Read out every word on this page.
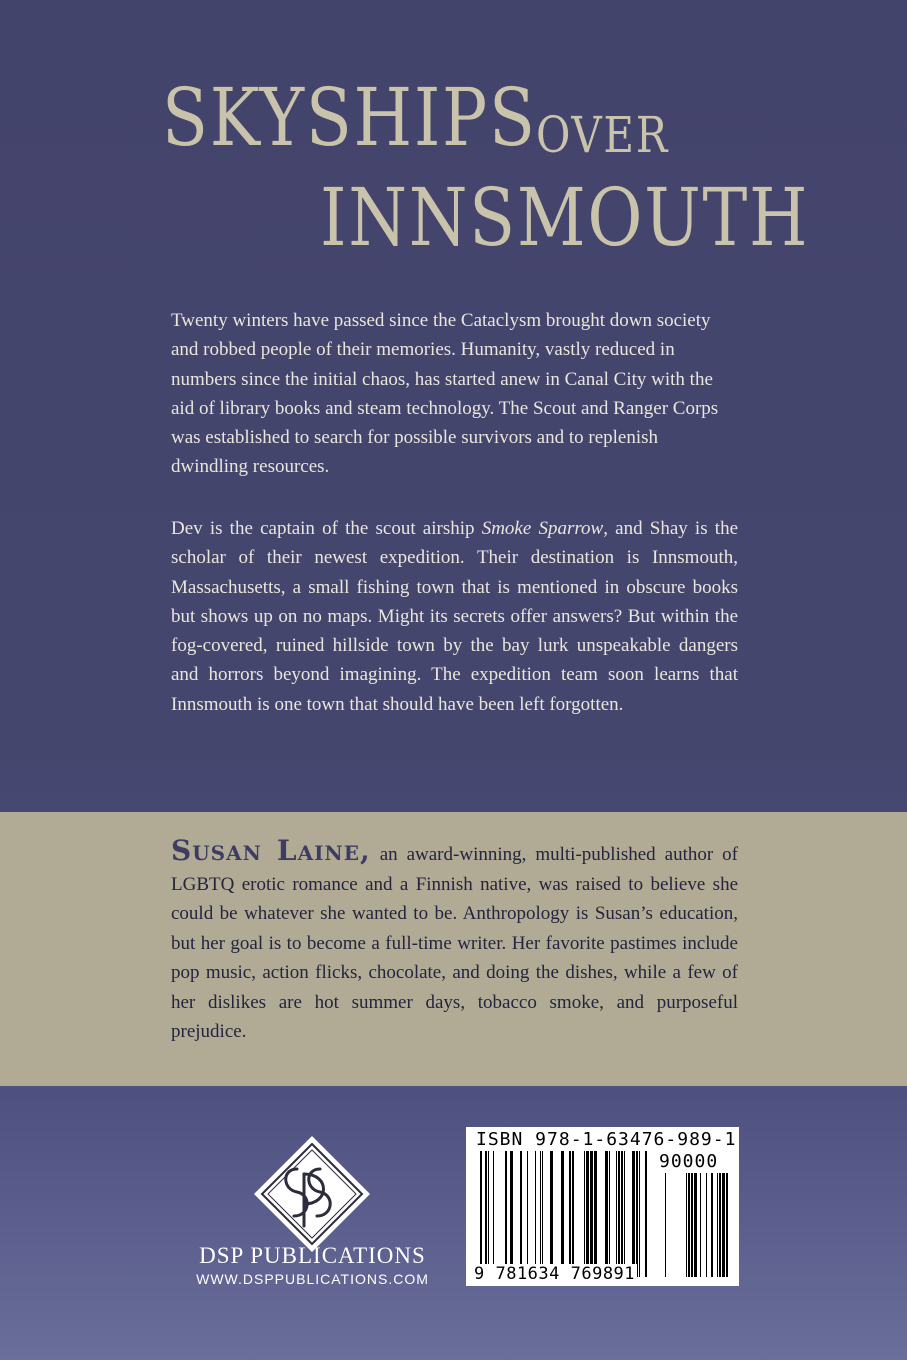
SKYSHIPS OVER
INNSMOUTH

Twenty winters have passed since the Cataclysm brought down society and robbed people of their memories. Humanity, vastly reduced in numbers since the initial chaos, has started anew in Canal City with the aid of library books and steam technology. The Scout and Ranger Corps was established to search for possible survivors and to replenish dwindling resources.

Dev is the captain of the scout airship Smoke Sparrow, and Shay is the scholar of their newest expedition. Their destination is Innsmouth, Massachusetts, a small fishing town that is mentioned in obscure books but shows up on no maps. Might its secrets offer answers? But within the fog-covered, ruined hillside town by the bay lurk unspeakable dangers and horrors beyond imagining. The expedition team soon learns that Innsmouth is one town that should have been left forgotten.

Susan Laine, an award-winning, multi-published author of LGBTQ erotic romance and a Finnish native, was raised to believe she could be whatever she wanted to be. Anthropology is Susan’s education, but her goal is to become a full-time writer. Her favorite pastimes include pop music, action flicks, chocolate, and doing the dishes, while a few of her dislikes are hot summer days, tobacco smoke, and purposeful prejudice.

DSP PUBLICATIONS

WWW.DSPPUBLICATIONS.COM

ISBN 978-1-63476-989-1
90000
9 781634 769891
